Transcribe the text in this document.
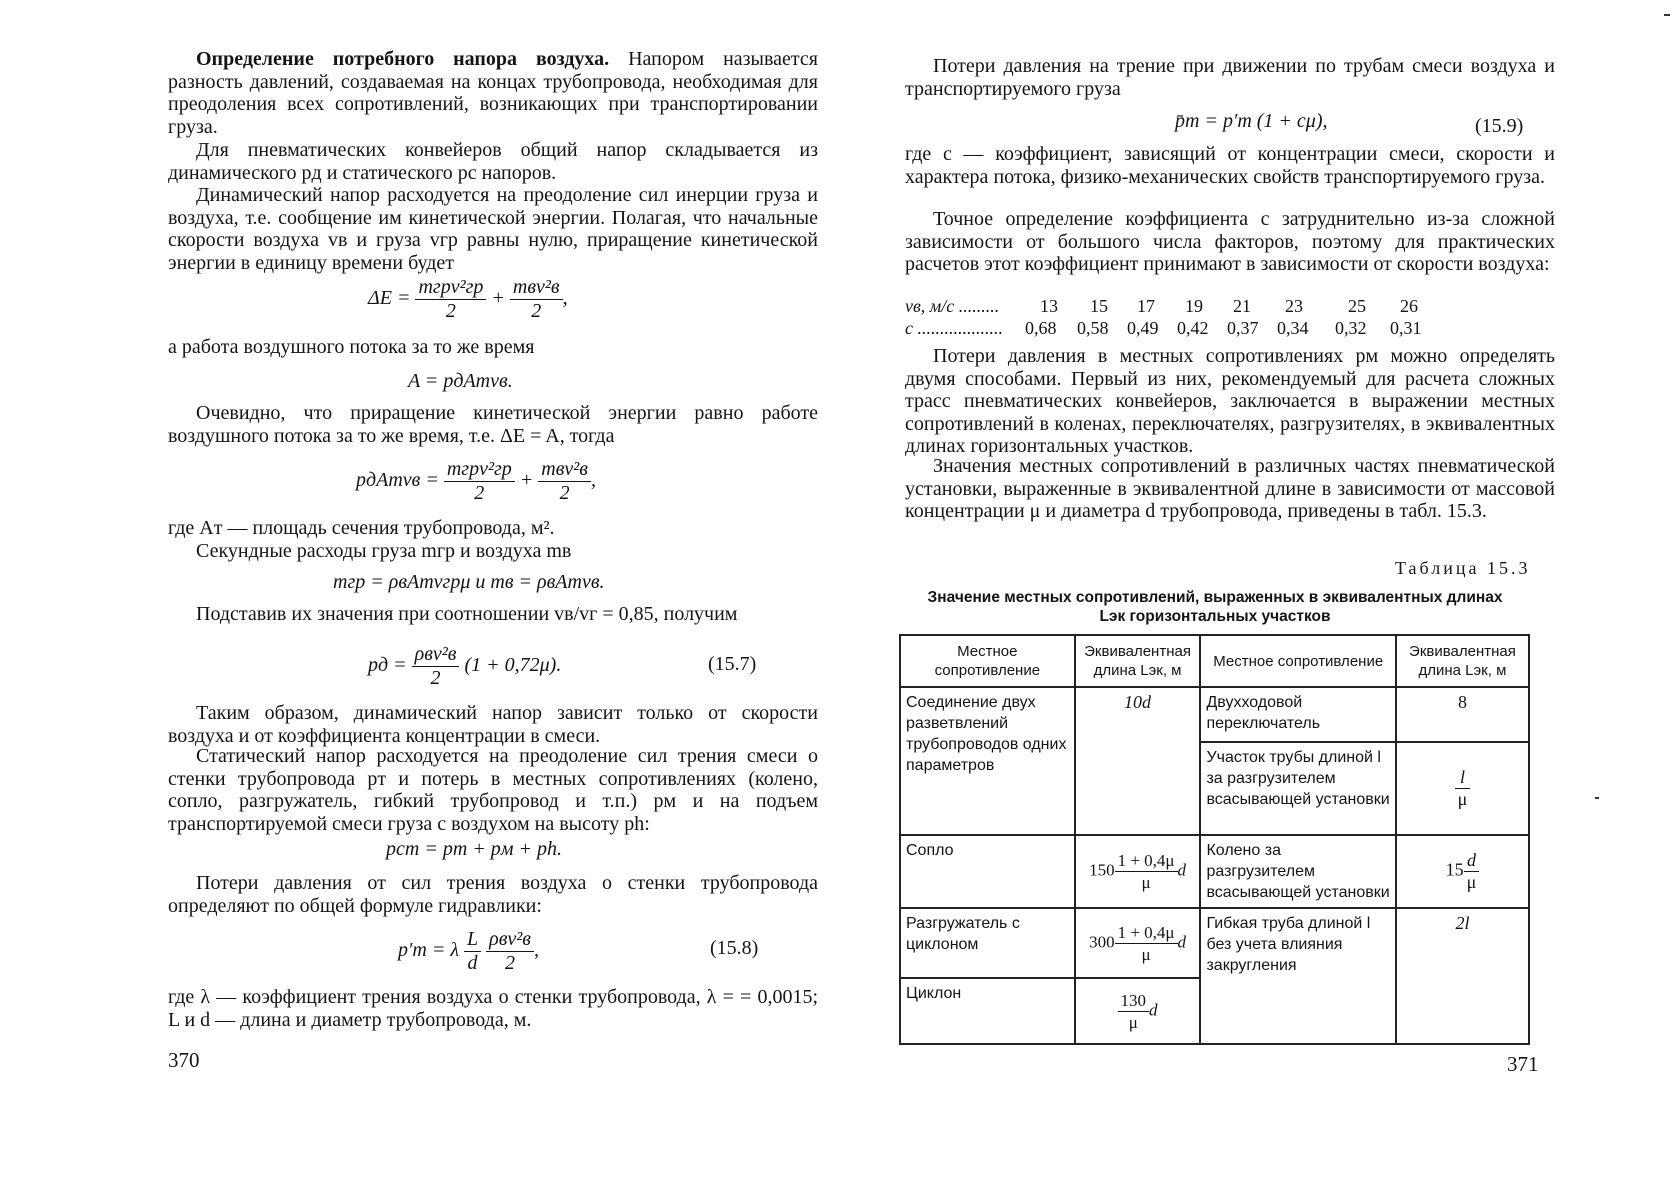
Определение потребного напора воздуха. Напором называется разность давлений, создаваемая на концах трубопровода, необходимая для преодоления всех сопротивлений, возникающих при транспортировании груза.

Для пневматических конвейеров общий напор складывается из динамического pд и статического pс напоров.

Динамический напор расходуется на преодоление сил инерции груза и воздуха, т.е. сообщение им кинетической энергии. Полагая, что начальные скорости воздуха vв и груза vгр равны нулю, приращение кинетической энергии в единицу времени будет

$\Delta E = \frac{\text{mгрv²гр}}{2} + \frac{\text{mвv²в}}{2}$ ,

а работа воздушного потока за то же время

A = pдAтvв.

Очевидно, что приращение кинетической энергии равно работе воздушного потока за то же время, т.е. ΔE = A, тогда

pдAтvв = $\frac{\text{mгрv²гр}}{2} + \frac{\text{mвv²в}}{2}$ ,

где Aт — площадь сечения трубопровода, м².

Секундные расходы груза mгр и воздуха mв

mгр = ρвAтvгрμ и mв = ρвAтvв.

Подставив их значения при соотношении vв/vг = 0,85, получим

pд = $\frac{\text{ρвv²в}}{2} (1 + 0,72\mu)$.	(15.7)

Таким образом, динамический напор зависит только от скорости воздуха и от коэффициента концентрации в смеси.

Статический напор расходуется на преодоление сил трения смеси о стенки трубопровода pт и потерь в местных сопротивлениях (колено, сопло, разгружатель, гибкий трубопровод и т.п.) pм и на подъем транспортируемой смеси груза с воздухом на высоту ph:

pст = pт + pм + ph.

Потери давления от сил трения воздуха о стенки трубопровода определяют по общей формуле гидравлики:

p′т = λ $\frac{L}{d}$
$\frac{\text{ρвv²в}}{2}$ ,	(15.8)

где λ — коэффициент трения воздуха о стенки трубопровода, λ = = 0,0015; L и d — длина и диаметр трубопровода, м.

370

Потери давления на трение при движении по трубам смеси воздуха и транспортируемого груза

p̄т = p′т (1 + cμ),	(15.9)

где c — коэффициент, зависящий от концентрации смеси, скорости и характера потока, физико-механических свойств транспортируемого груза.

Точное определение коэффициента c затруднительно из-за сложной зависимости от большого числа факторов, поэтому для практических расчетов этот коэффициент принимают в зависимости от скорости воздуха:

vв, м/с ......... 13 15 17 19 21 23	25 26
c ................... 0,68 0,58 0,49 0,42 0,37 0,34 0,32 0,31

Потери давления в местных сопротивлениях pм можно определять двумя способами. Первый из них, рекомендуемый для расчета сложных трасс пневматических конвейеров, заключается в выражении местных сопротивлений в коленах, переключателях, разгрузителях, в эквивалентных длинах горизонтальных участков.

Значения местных сопротивлений в различных частях пневматической установки, выраженные в эквивалентной длине в зависимости от массовой концентрации μ и диаметра d трубопровода, приведены в табл. 15.3.

Таблица 15.3
Значение местных сопротивлений, выраженных в эквивалентных длинах
Lэк горизонтальных участков
Местное сопротивление	Эквивалентная длина Lэк, м	Местное сопротивление	Эквивалентная длина Lэк, м
Соединение двух разветвлений трубопроводов одних параметров	10d	Двухходовой переключатель	8
		Участок трубы длиной l за разгрузителем всасывающей установки	$\frac{l}{\mu}$

Сопло	$150 \frac{1 + 0,4\mu}{\mu}$ d	Колено за разгрузителем всасывающей установки	$15 \frac{d}{\mu}$

Разгружатель с циклоном	$300 \frac{1 + 0,4\mu}{\mu}$ d	Гибкая труба длиной l без учета влияния закругления	2l
Циклон	$\frac{130}{\mu}$ d		
371
